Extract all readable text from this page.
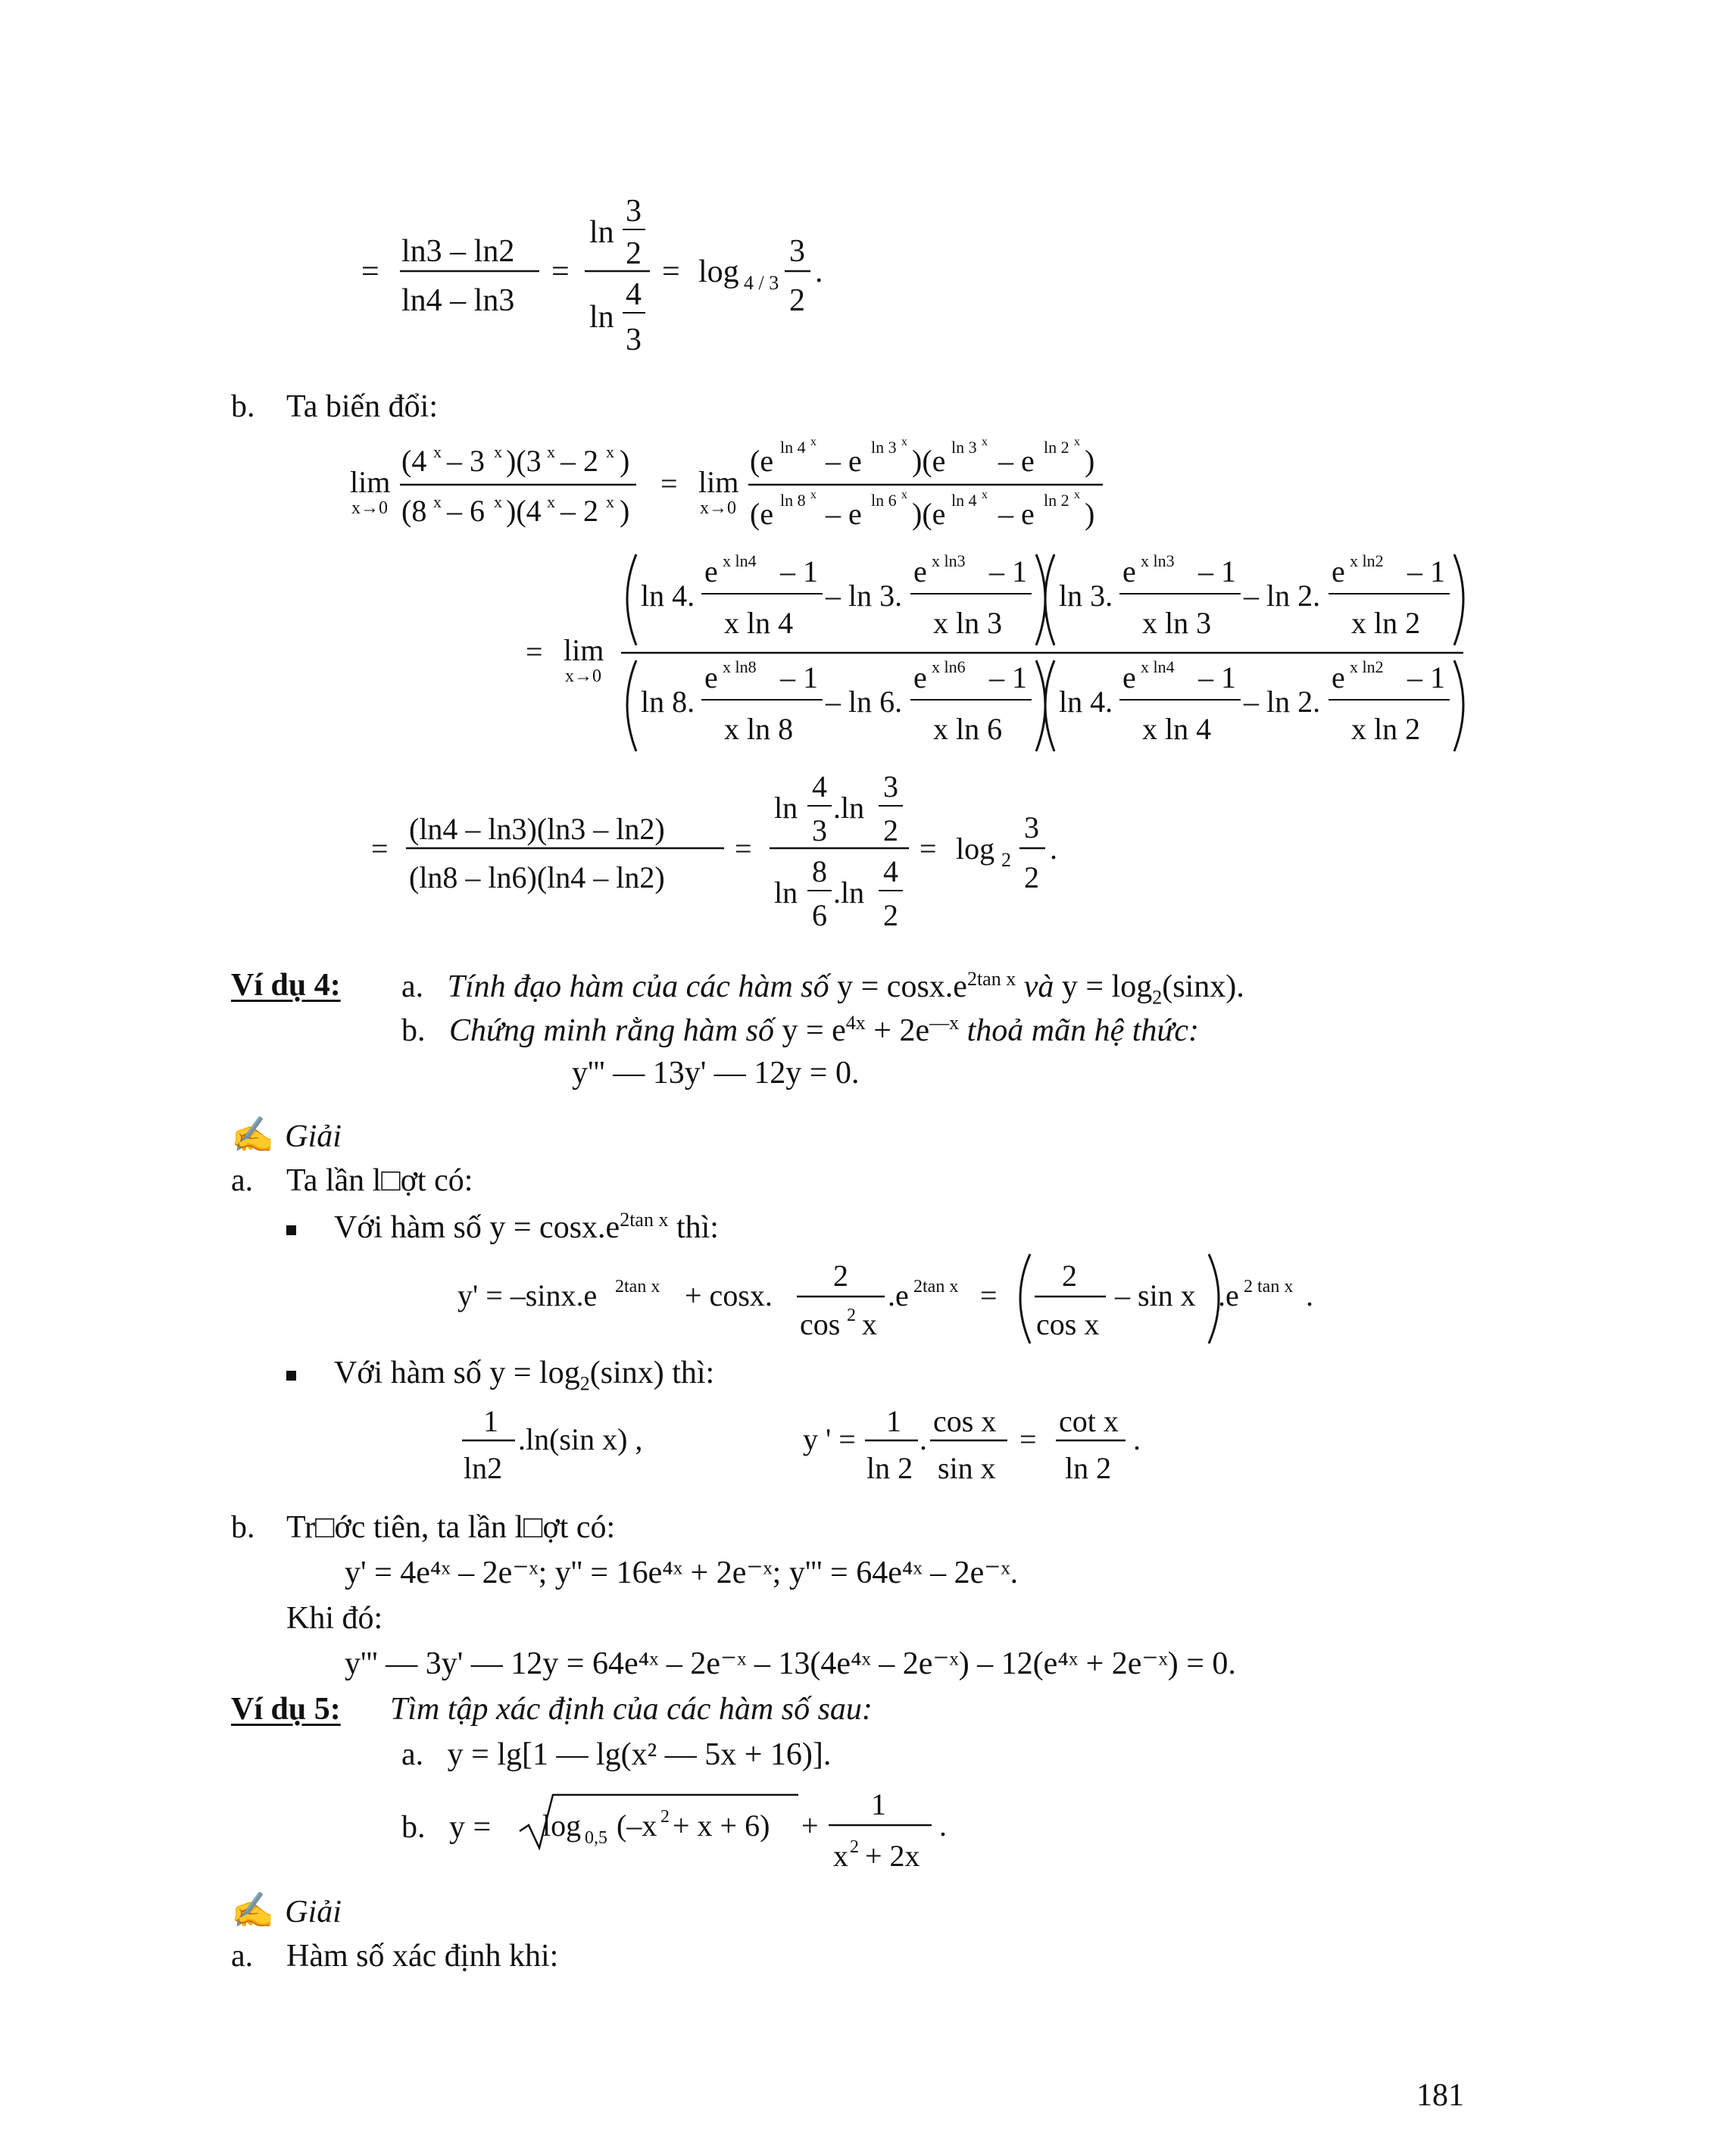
=
ln3 – ln2
ln4 – ln3
=
ln
3
2
ln
4
3
= log 4 / 3
3
2
.
b. Ta biến đổi:
lim
x→0
(4 x – 3 x )(3 x – 2 x )
(8 x – 6 x )(4 x – 2 x )
= lim
x→0
(e ln 4 x
– e ln 3 x
)(e ln 3 x
– e ln 2 x
)
(e ln 8 x
– e ln 6 x
)(e ln 4 x
– e ln 2 x
)
= lim
x→0
ln 4.
e x ln4 – 1
x ln 4
– ln 3.
e x ln3 – 1
x ln 3
ln 3.
e x ln3 – 1
x ln 3
– ln 2.
e x ln2 – 1
x ln 2
ln 8.
e x ln8 – 1
x ln 8
– ln 6.
e x ln6 – 1
x ln 6
ln 4.
e x ln4 – 1
x ln 4
– ln 2.
e x ln2 – 1
x ln 2
=
(ln4 – ln3)(ln3 – ln2)
(ln8 – ln6)(ln4 – ln2)
=
ln
4
3
.ln
3
2
ln
8
6
.ln
4
2
= log 2
3
2
.
Ví dụ 4: a. Tính đạo hàm của các hàm số $y = \cos x.e^{2tan x}$ và $y = \log_2(\sin x)$.
b. Chứng minh rằng hàm số $y = e^{4x} + 2e^{—x}$ thoả mãn hệ thức:
y''' — 13y' — 12y = 0.
✍ Giải
a. Ta lần l□ợt có:
Với hàm số $y = \cos x.e^{2tan x}$ thì:
y' = –sinx.e 2tan x + cosx.
2
cos 2 x
.e 2tan x =
2
cos x
– sin x .e 2 tan x .
Với hàm số $y = \log_2(\sin x)$ thì:
1
ln2
.ln(sin x) ,	y ' =
1
ln 2
.
cos x
sin x
=
cot x
ln 2
.
b. Tr□ớc tiên, ta lần l□ợt có:
y' = 4e⁴ˣ – 2e⁻ˣ; y'' = 16e⁴ˣ + 2e⁻ˣ; y''' = 64e⁴ˣ – 2e⁻ˣ.
Khi đó:
y''' — 3y' — 12y = 64e⁴ˣ – 2e⁻ˣ – 13(4e⁴ˣ – 2e⁻ˣ) – 12(e⁴ˣ + 2e⁻ˣ) = 0.
Ví dụ 5: Tìm tập xác định của các hàm số sau:
a. y = lg[1 — lg(x² — 5x + 16)].
b. y = log 0,5 (–x 2 + x + 6) +
1
x 2 + 2x
.
✍ Giải
a. Hàm số xác định khi:
181
